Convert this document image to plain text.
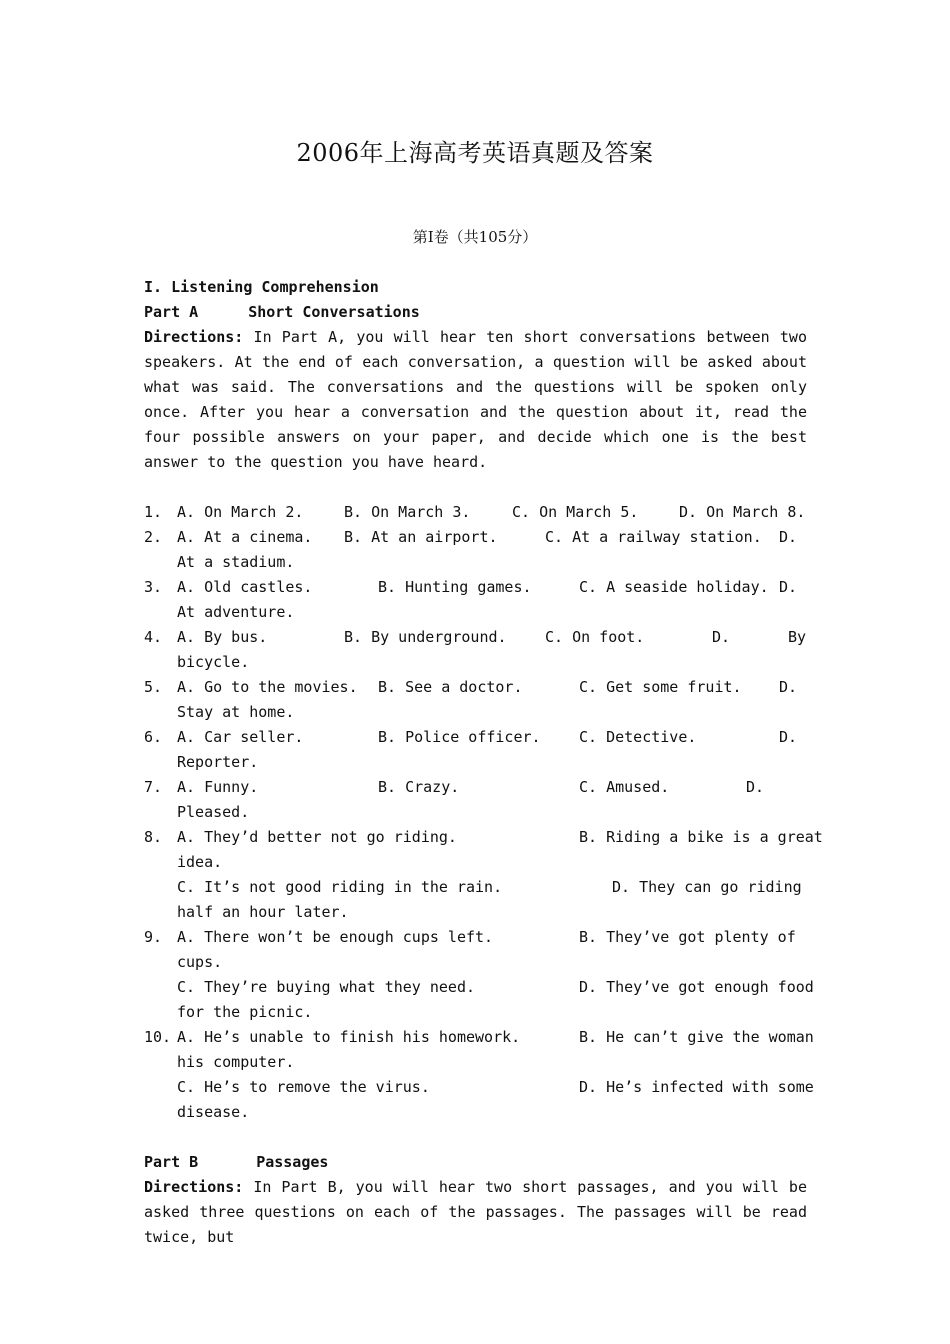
2006年上海高考英语真题及答案
第I卷（共105分）
I. Listening Comprehension
Part A	Short Conversations
Directions: In Part A, you will hear ten short conversations between two speakers. At the end of each conversation, a question will be asked about what was said. The conversations and the questions will be spoken only once. After you hear a conversation and the question about it, read the four possible answers on your paper, and decide which one is the best answer to the question you have heard.
1. A. On March 2.	B. On March 3.	C. On March 5.	D. On March 8.
2. A. At a cinema. B. At an airport.	C. At a railway station. D.
At a stadium.
3. A. Old castles.	B. Hunting games.	C. A seaside holiday. D.
At adventure.
4. A. By bus.	B. By underground.	C. On foot.	D.	By
bicycle.
5. A. Go to the movies. B. See a doctor.	C. Get some fruit. D.
Stay at home.
6. A. Car seller.	B. Police officer.	C. Detective.	D.
Reporter.
7. A. Funny.	B. Crazy.	C. Amused.	D.
Pleased.
8. A. They’d better not go riding.	B. Riding a bike is a great
idea.
C. It’s not good riding in the rain.	D. They can go riding
half an hour later.
9. A. There won’t be enough cups left.	B. They’ve got plenty of
cups.
C. They’re buying what they need.	D. They’ve got enough food
for the picnic.
10. A. He’s unable to finish his homework.	B. He can’t give the woman
his computer.
C. He’s to remove the virus.	D. He’s infected with some
disease.
Part B	Passages
Directions: In Part B, you will hear two short passages, and you will be asked three questions on each of the passages. The passages will be read twice, but
